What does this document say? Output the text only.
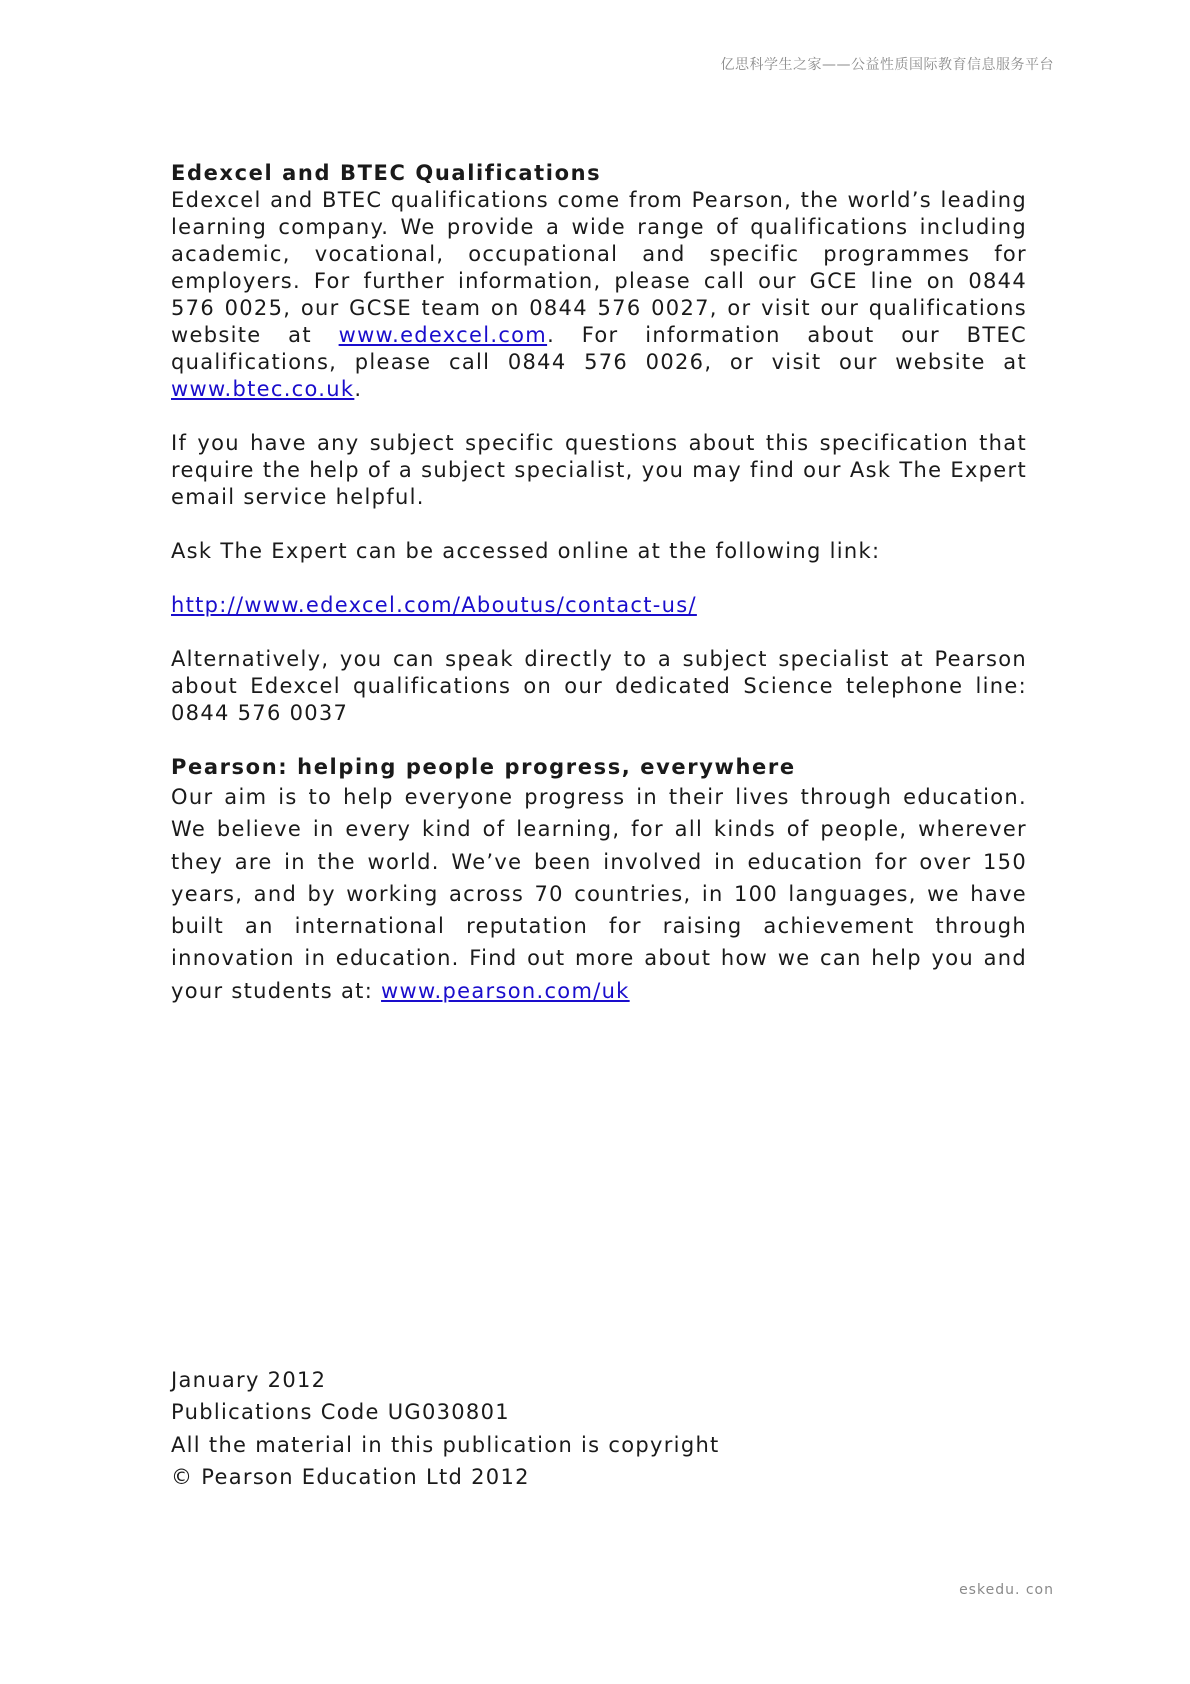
亿思科学生之家——公益性质国际教育信息服务平台

Edexcel and BTEC Qualifications

Edexcel and BTEC qualifications come from Pearson, the world’s leading learning company. We provide a wide range of qualifications including academic, vocational, occupational and specific programmes for employers. For further information, please call our GCE line on 0844 576 0025, our GCSE team on 0844 576 0027, or visit our qualifications website at www.edexcel.com. For information about our BTEC qualifications, please call 0844 576 0026, or visit our website at www.btec.co.uk.

If you have any subject specific questions about this specification that require the help of a subject specialist, you may find our Ask The Expert email service helpful.

Ask The Expert can be accessed online at the following link:

http://www.edexcel.com/Aboutus/contact-us/

Alternatively, you can speak directly to a subject specialist at Pearson about Edexcel qualifications on our dedicated Science telephone line: 0844 576 0037

Pearson: helping people progress, everywhere

Our aim is to help everyone progress in their lives through education. We believe in every kind of learning, for all kinds of people, wherever they are in the world. We’ve been involved in education for over 150 years, and by working across 70 countries, in 100 languages, we have built an international reputation for raising achievement through innovation in education. Find out more about how we can help you and your students at: www.pearson.com/uk

January 2012

Publications Code UG030801

All the material in this publication is copyright

© Pearson Education Ltd 2012

eskedu. con
